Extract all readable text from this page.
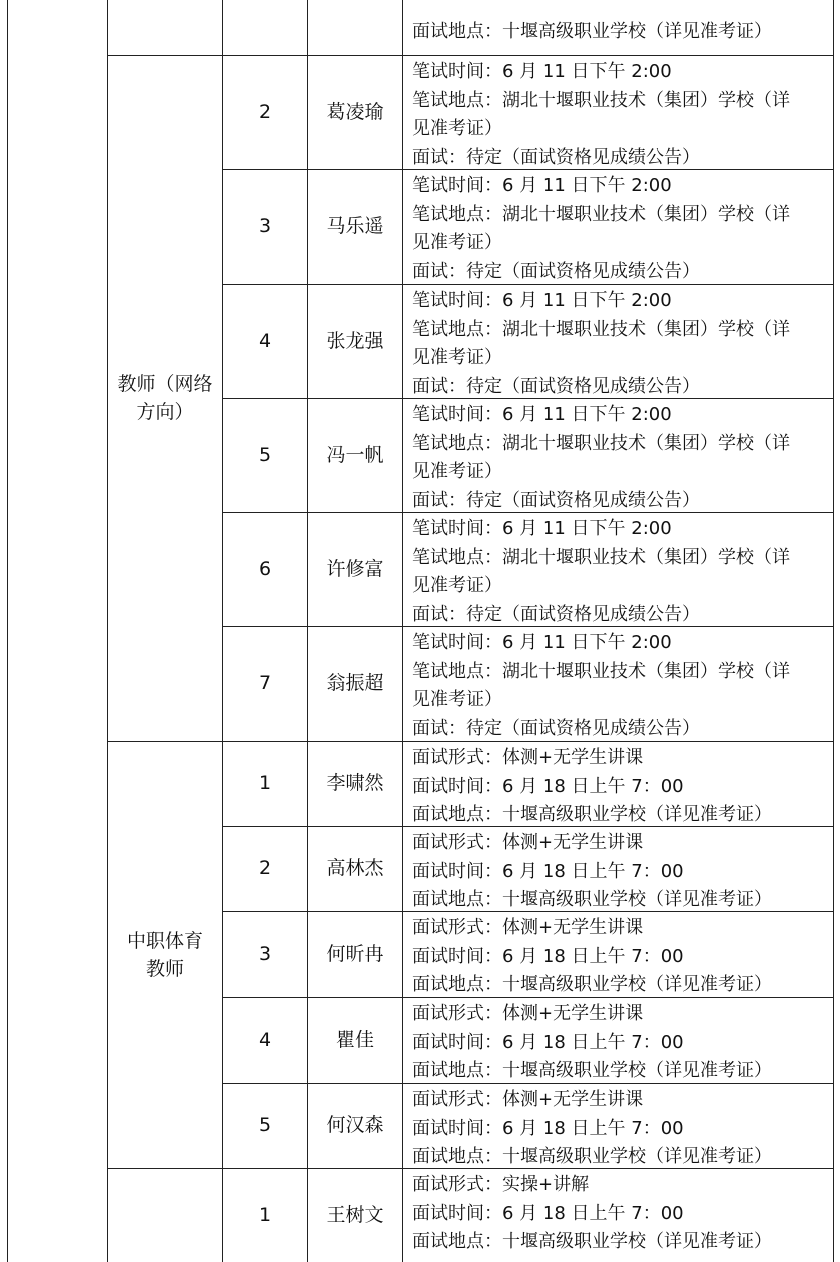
面试地点：十堰高级职业学校（详见准考证）
教师（网络
方向）
2	葛凌瑜
笔试时间：6 月 11 日下午 2:00
笔试地点：湖北十堰职业技术（集团）学校（详
见准考证）
面试：待定（面试资格见成绩公告）
3	马乐遥
笔试时间：6 月 11 日下午 2:00
笔试地点：湖北十堰职业技术（集团）学校（详
见准考证）
面试：待定（面试资格见成绩公告）
4	张龙强
笔试时间：6 月 11 日下午 2:00
笔试地点：湖北十堰职业技术（集团）学校（详
见准考证）
面试：待定（面试资格见成绩公告）
5	冯一帆
笔试时间：6 月 11 日下午 2:00
笔试地点：湖北十堰职业技术（集团）学校（详
见准考证）
面试：待定（面试资格见成绩公告）
6	许修富
笔试时间：6 月 11 日下午 2:00
笔试地点：湖北十堰职业技术（集团）学校（详
见准考证）
面试：待定（面试资格见成绩公告）
7	翁振超
笔试时间：6 月 11 日下午 2:00
笔试地点：湖北十堰职业技术（集团）学校（详
见准考证）
面试：待定（面试资格见成绩公告）
中职体育
教师
1	李啸然
面试形式：体测+无学生讲课
面试时间：6 月 18 日上午 7：00
面试地点：十堰高级职业学校（详见准考证）
2	高林杰
面试形式：体测+无学生讲课
面试时间：6 月 18 日上午 7：00
面试地点：十堰高级职业学校（详见准考证）
3	何昕冉
面试形式：体测+无学生讲课
面试时间：6 月 18 日上午 7：00
面试地点：十堰高级职业学校（详见准考证）
4	瞿佳
面试形式：体测+无学生讲课
面试时间：6 月 18 日上午 7：00
面试地点：十堰高级职业学校（详见准考证）
5	何汉森
面试形式：体测+无学生讲课
面试时间：6 月 18 日上午 7：00
面试地点：十堰高级职业学校（详见准考证）
1	王树文
面试形式：实操+讲解
面试时间：6 月 18 日上午 7：00
面试地点：十堰高级职业学校（详见准考证）
